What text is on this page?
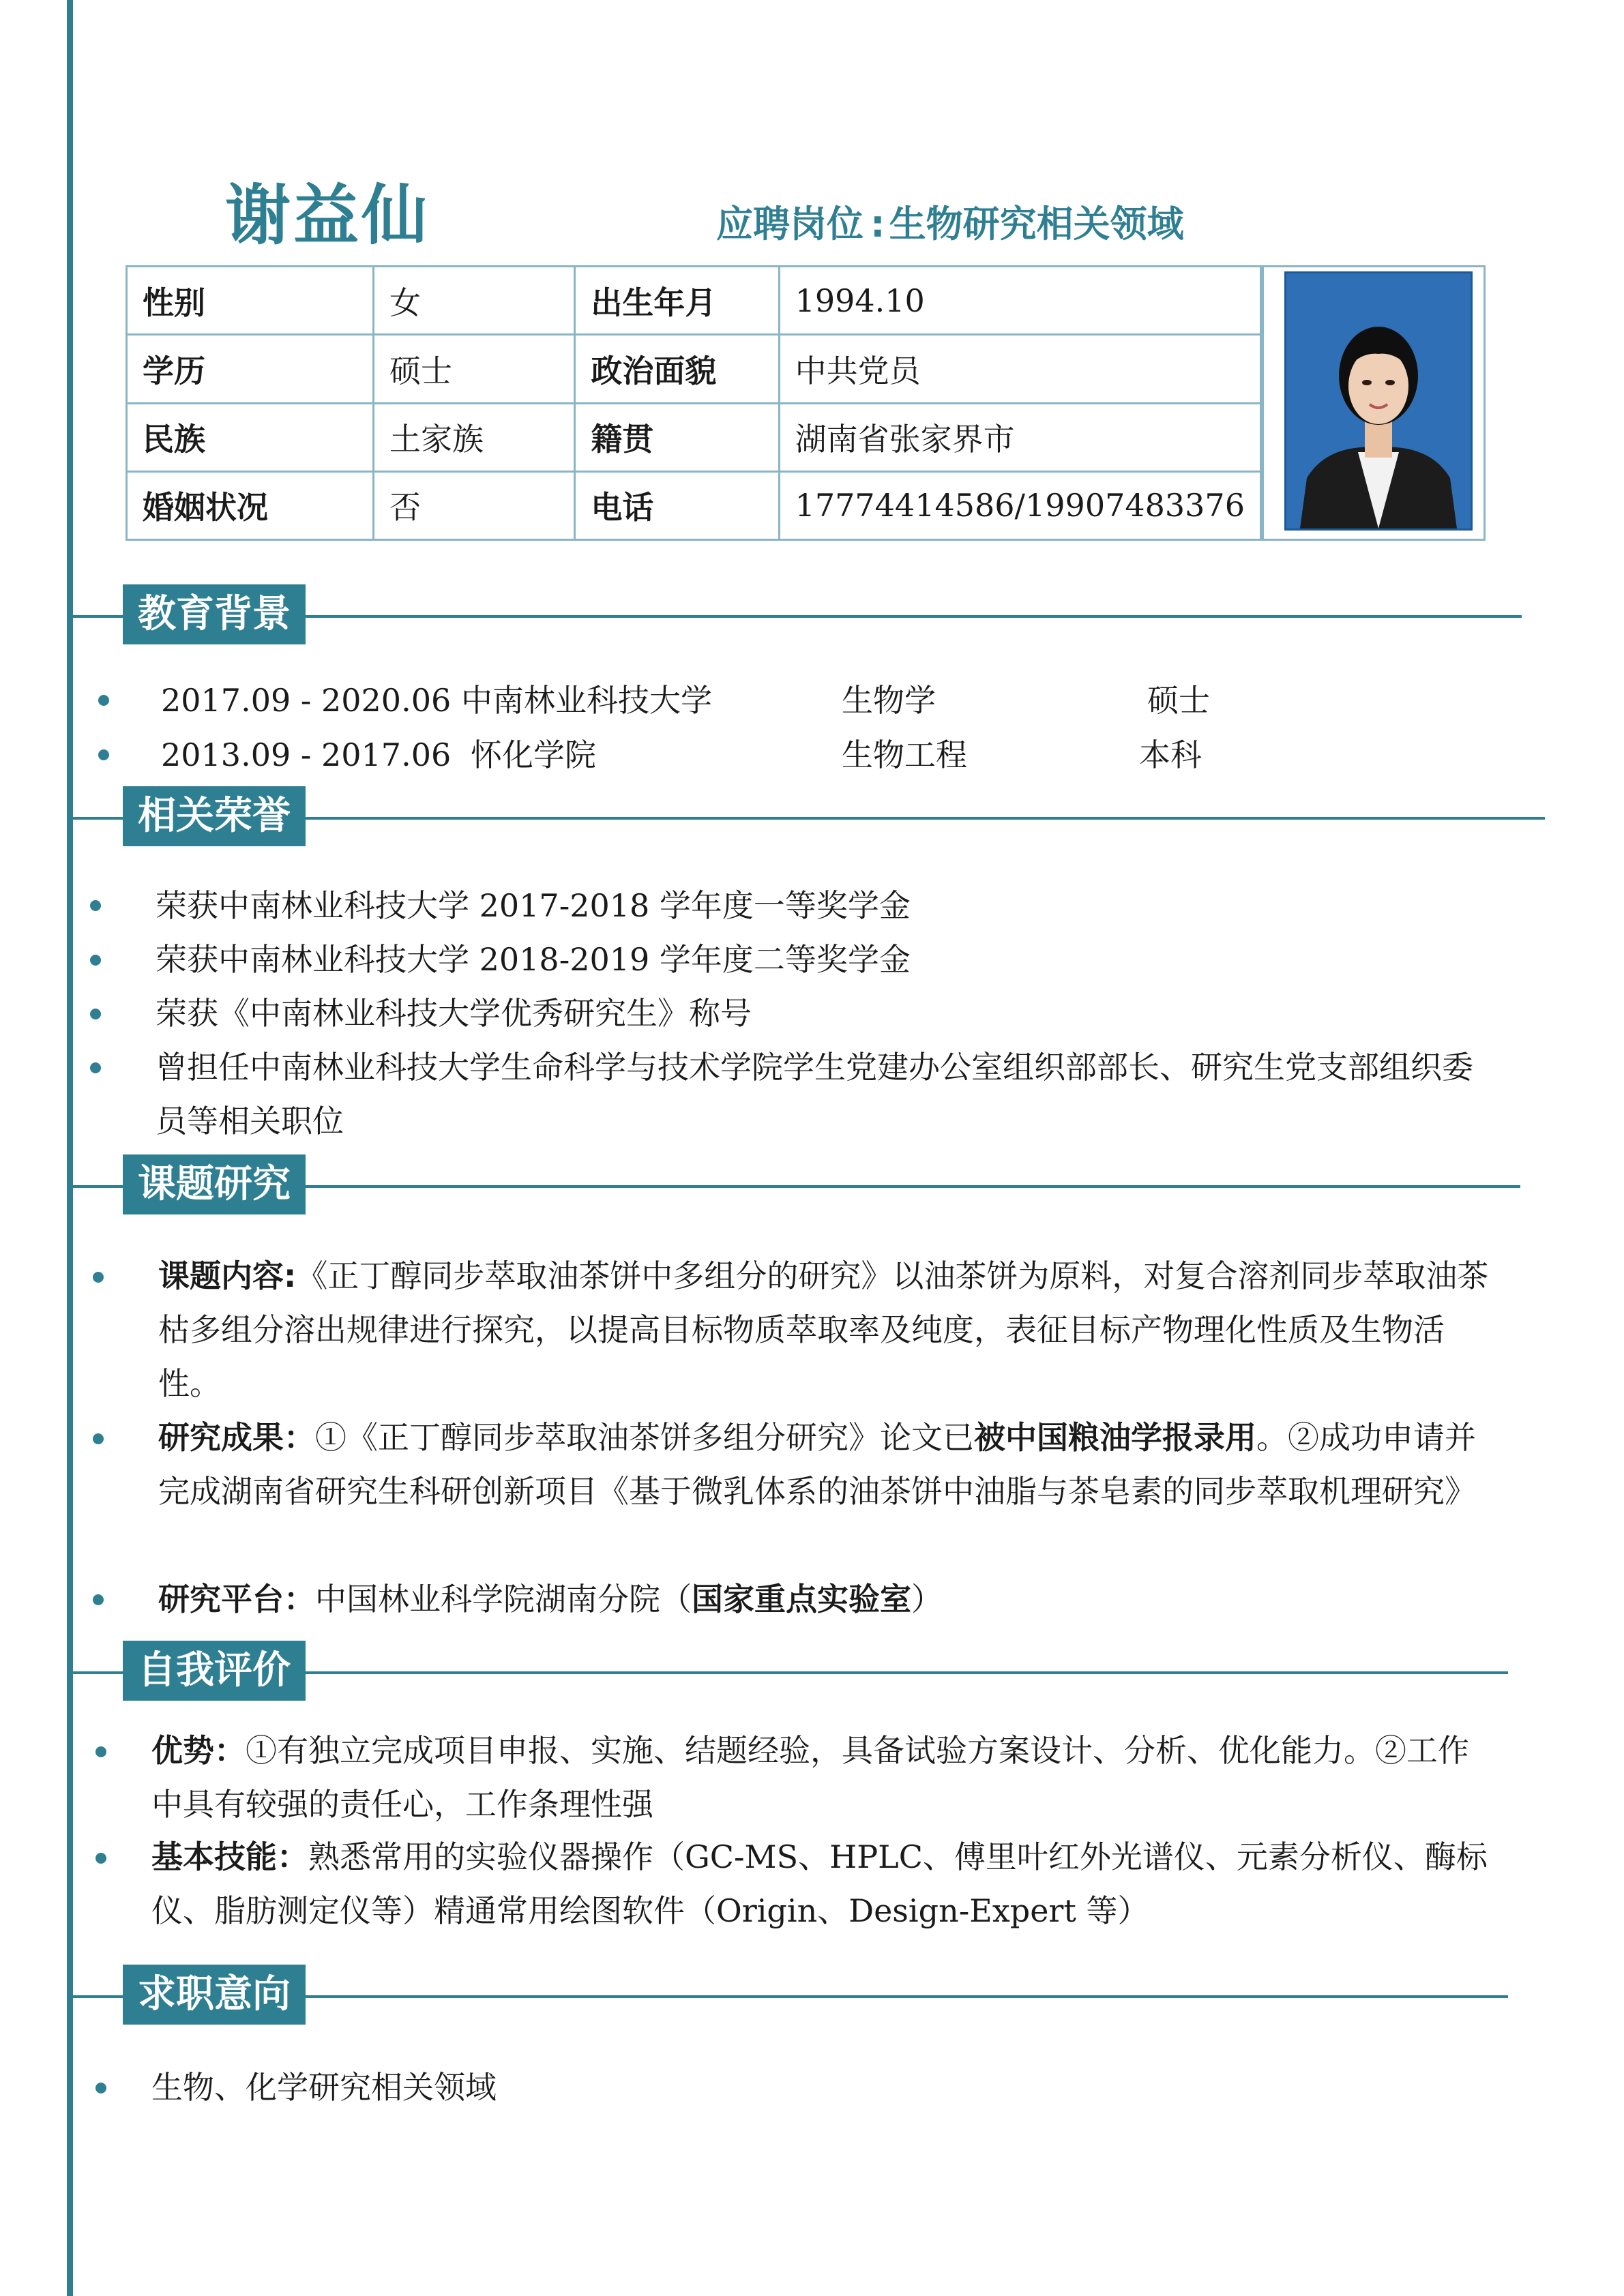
谢益仙	应聘岗位 : 生物研究相关领域
性别	女	出生年月	1994.10
学历	硕士	政治面貌	中共党员
民族	土家族	籍贯	湖南省张家界市
婚姻状况	否	电话	17774414586/19907483376
教育背景
2017.09 - 2020.06 中南林业科技大学	生物学	硕士
2013.09 - 2017.06 怀化学院	生物工程	本科
相关荣誉
荣获中南林业科技大学 2017-2018 学年度一等奖学金
荣获中南林业科技大学 2018-2019 学年度二等奖学金
荣获《中南林业科技大学优秀研究生》称号
曾担任中南林业科技大学生命科学与技术学院学生党建办公室组织部部长、研究生党支部组织委员等相关职位
课题研究
课题内容:《正丁醇同步萃取油茶饼中多组分的研究》以油茶饼为原料，对复合溶剂同步萃取油茶枯多组分溶出规律进行探究，以提高目标物质萃取率及纯度，表征目标产物理化性质及生物活性。
研究成果：①《正丁醇同步萃取油茶饼多组分研究》论文已被中国粮油学报录用。②成功申请并完成湖南省研究生科研创新项目《基于微乳体系的油茶饼中油脂与茶皂素的同步萃取机理研究》
研究平台：中国林业科学院湖南分院（国家重点实验室）
自我评价
优势：①有独立完成项目申报、实施、结题经验，具备试验方案设计、分析、优化能力。②工作中具有较强的责任心，工作条理性强
基本技能：熟悉常用的实验仪器操作（GC-MS、HPLC、傅里叶红外光谱仪、元素分析仪、酶标仪、脂肪测定仪等）精通常用绘图软件（Origin、Design-Expert 等）
求职意向
生物、化学研究相关领域
